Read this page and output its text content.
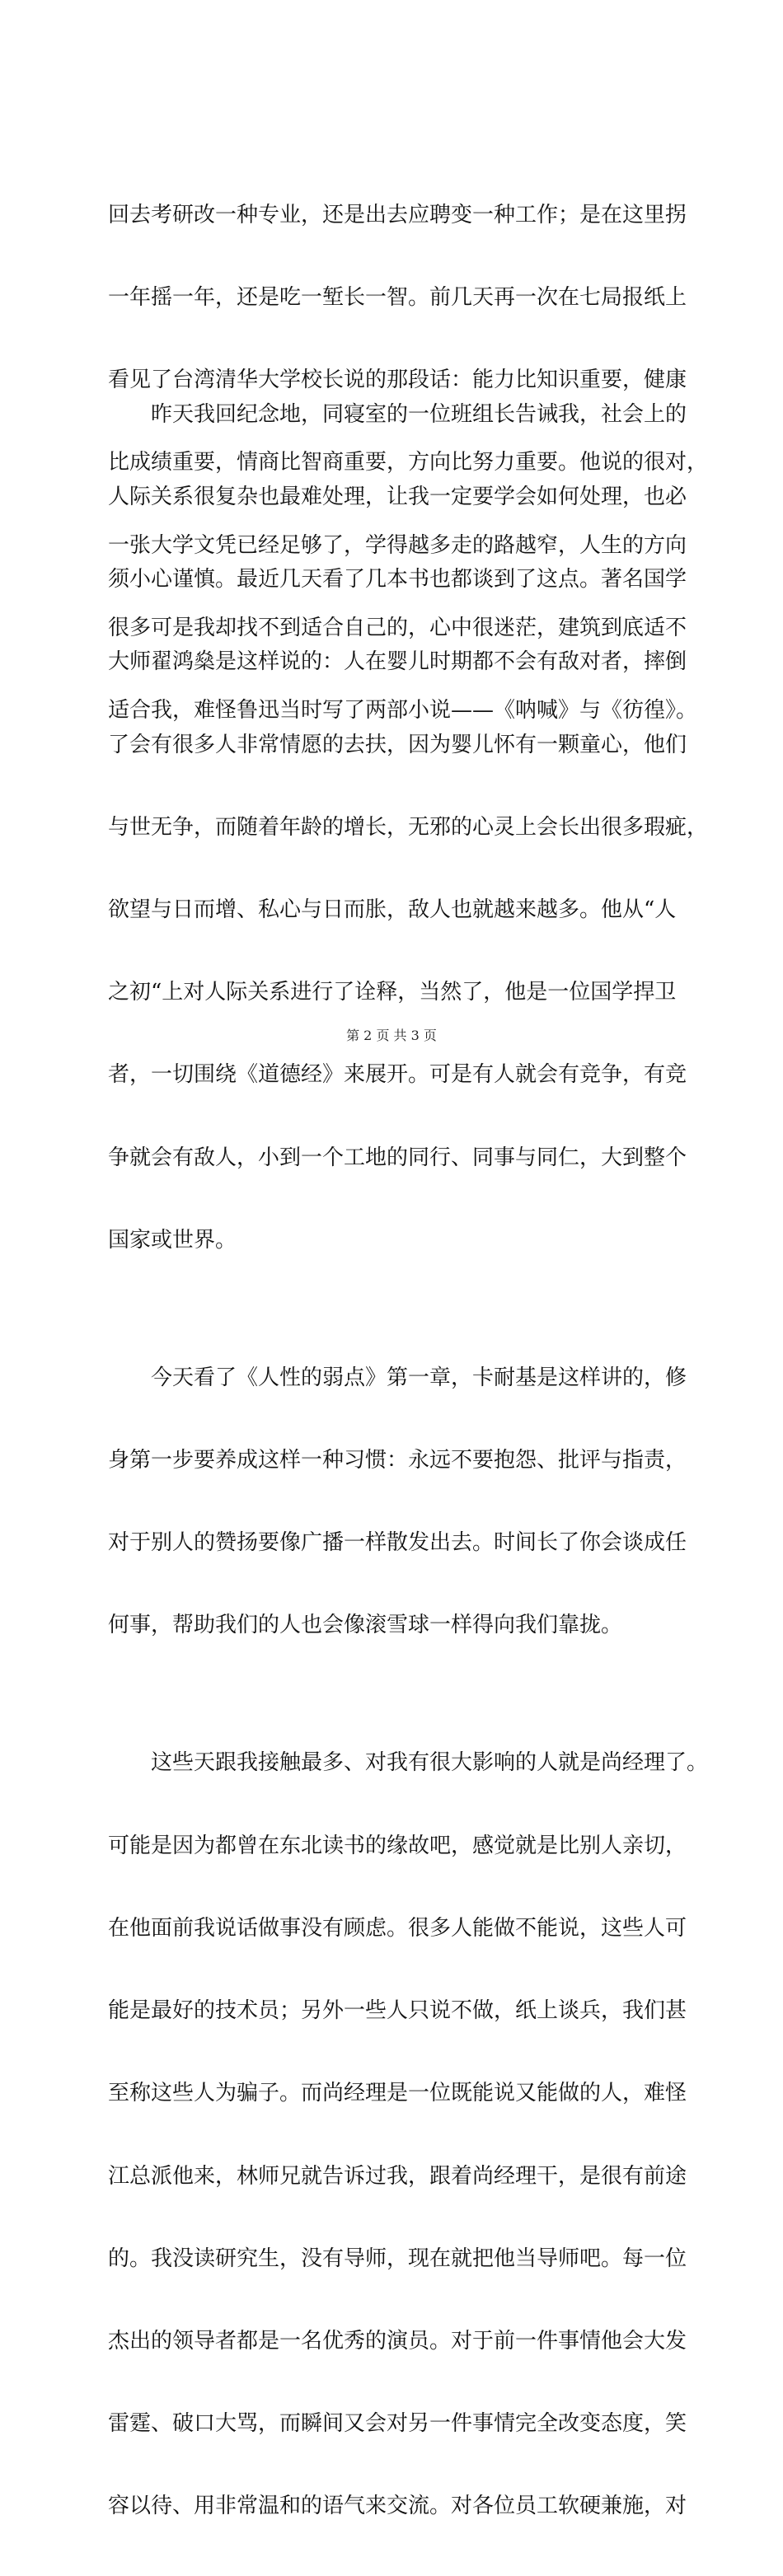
回去考研改一种专业，还是出去应聘变一种工作；是在这里拐

一年摇一年，还是吃一堑长一智。前几天再一次在七局报纸上

看见了台湾清华大学校长说的那段话：能力比知识重要，健康

比成绩重要，情商比智商重要，方向比努力重要。他说的很对，

一张大学文凭已经足够了，学得越多走的路越窄，人生的方向

很多可是我却找不到适合自己的，心中很迷茫，建筑到底适不

适合我，难怪鲁迅当时写了两部小说——《呐喊》与《彷徨》。

　　昨天我回纪念地，同寝室的一位班组长告诫我，社会上的

人际关系很复杂也最难处理，让我一定要学会如何处理，也必

须小心谨慎。最近几天看了几本书也都谈到了这点。著名国学

大师翟鸿燊是这样说的：人在婴儿时期都不会有敌对者，摔倒

了会有很多人非常情愿的去扶，因为婴儿怀有一颗童心，他们

与世无争，而随着年龄的增长，无邪的心灵上会长出很多瑕疵，

欲望与日而增、私心与日而胀，敌人也就越来越多。他从“人

之初“上对人际关系进行了诠释，当然了，他是一位国学捍卫

者，一切围绕《道德经》来展开。可是有人就会有竞争，有竞

争就会有敌人，小到一个工地的同行、同事与同仁，大到整个

国家或世界。

　　今天看了《人性的弱点》第一章，卡耐基是这样讲的，修

身第一步要养成这样一种习惯：永远不要抱怨、批评与指责，

对于别人的赞扬要像广播一样散发出去。时间长了你会谈成任

何事，帮助我们的人也会像滚雪球一样得向我们靠拢。

　　这些天跟我接触最多、对我有很大影响的人就是尚经理了。

可能是因为都曾在东北读书的缘故吧，感觉就是比别人亲切，

在他面前我说话做事没有顾虑。很多人能做不能说，这些人可

能是最好的技术员；另外一些人只说不做，纸上谈兵，我们甚

至称这些人为骗子。而尚经理是一位既能说又能做的人，难怪

江总派他来，林师兄就告诉过我，跟着尚经理干，是很有前途

的。我没读研究生，没有导师，现在就把他当导师吧。每一位

杰出的领导者都是一名优秀的演员。对于前一件事情他会大发

雷霆、破口大骂，而瞬间又会对另一件事情完全改变态度，笑

容以待、用非常温和的语气来交流。对各位员工软硬兼施，对

第 2 页 共 3 页
